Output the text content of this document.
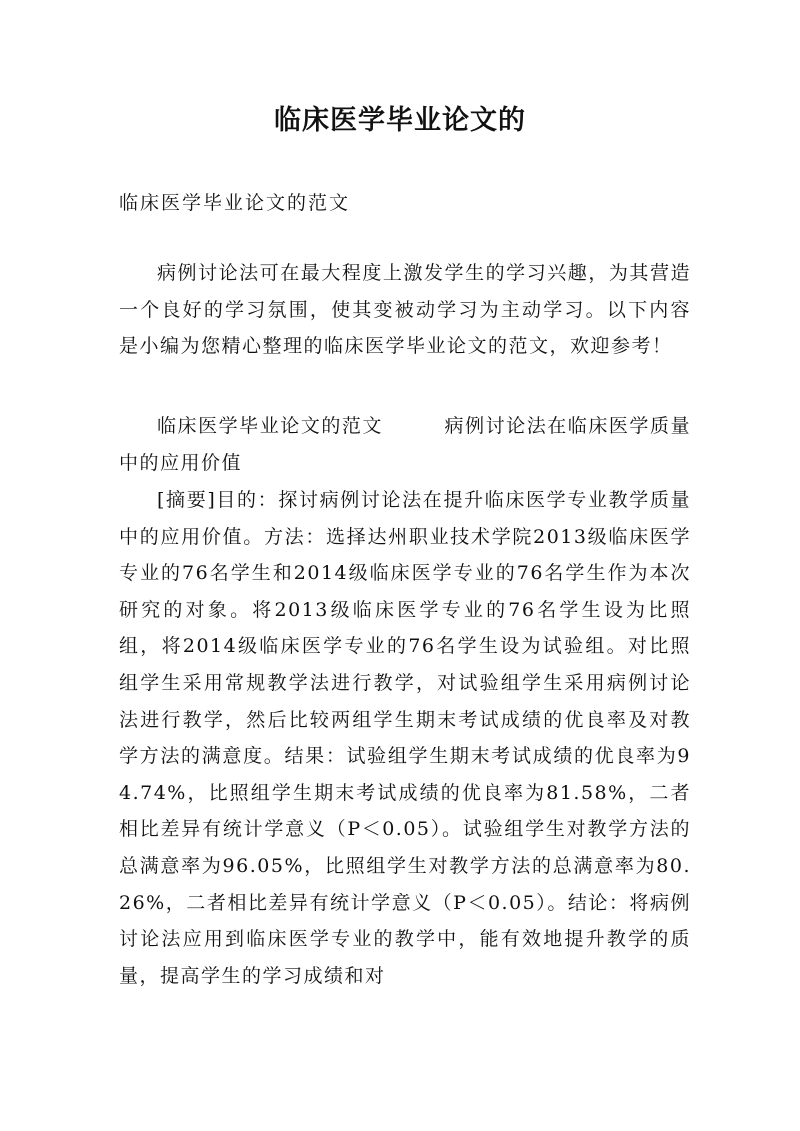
临床医学毕业论文的

临床医学毕业论文的范文

病例讨论法可在最大程度上激发学生的学习兴趣，为其营造一个良好的学习氛围，使其变被动学习为主动学习。以下内容是小编为您精心整理的临床医学毕业论文的范文，欢迎参考！

临床医学毕业论文的范文　　　病例讨论法在临床医学质量中的应用价值

[摘要]目的：探讨病例讨论法在提升临床医学专业教学质量中的应用价值。方法：选择达州职业技术学院2013级临床医学专业的76名学生和2014级临床医学专业的76名学生作为本次研究的对象。将2013级临床医学专业的76名学生设为比照组，将2014级临床医学专业的76名学生设为试验组。对比照组学生采用常规教学法进行教学，对试验组学生采用病例讨论法进行教学，然后比较两组学生期末考试成绩的优良率及对教学方法的满意度。结果：试验组学生期末考试成绩的优良率为94.74%，比照组学生期末考试成绩的优良率为81.58%，二者相比差异有统计学意义（P＜0.05）。试验组学生对教学方法的总满意率为96.05%，比照组学生对教学方法的总满意率为80.26%，二者相比差异有统计学意义（P＜0.05）。结论：将病例讨论法应用到临床医学专业的教学中，能有效地提升教学的质量，提高学生的学习成绩和对
